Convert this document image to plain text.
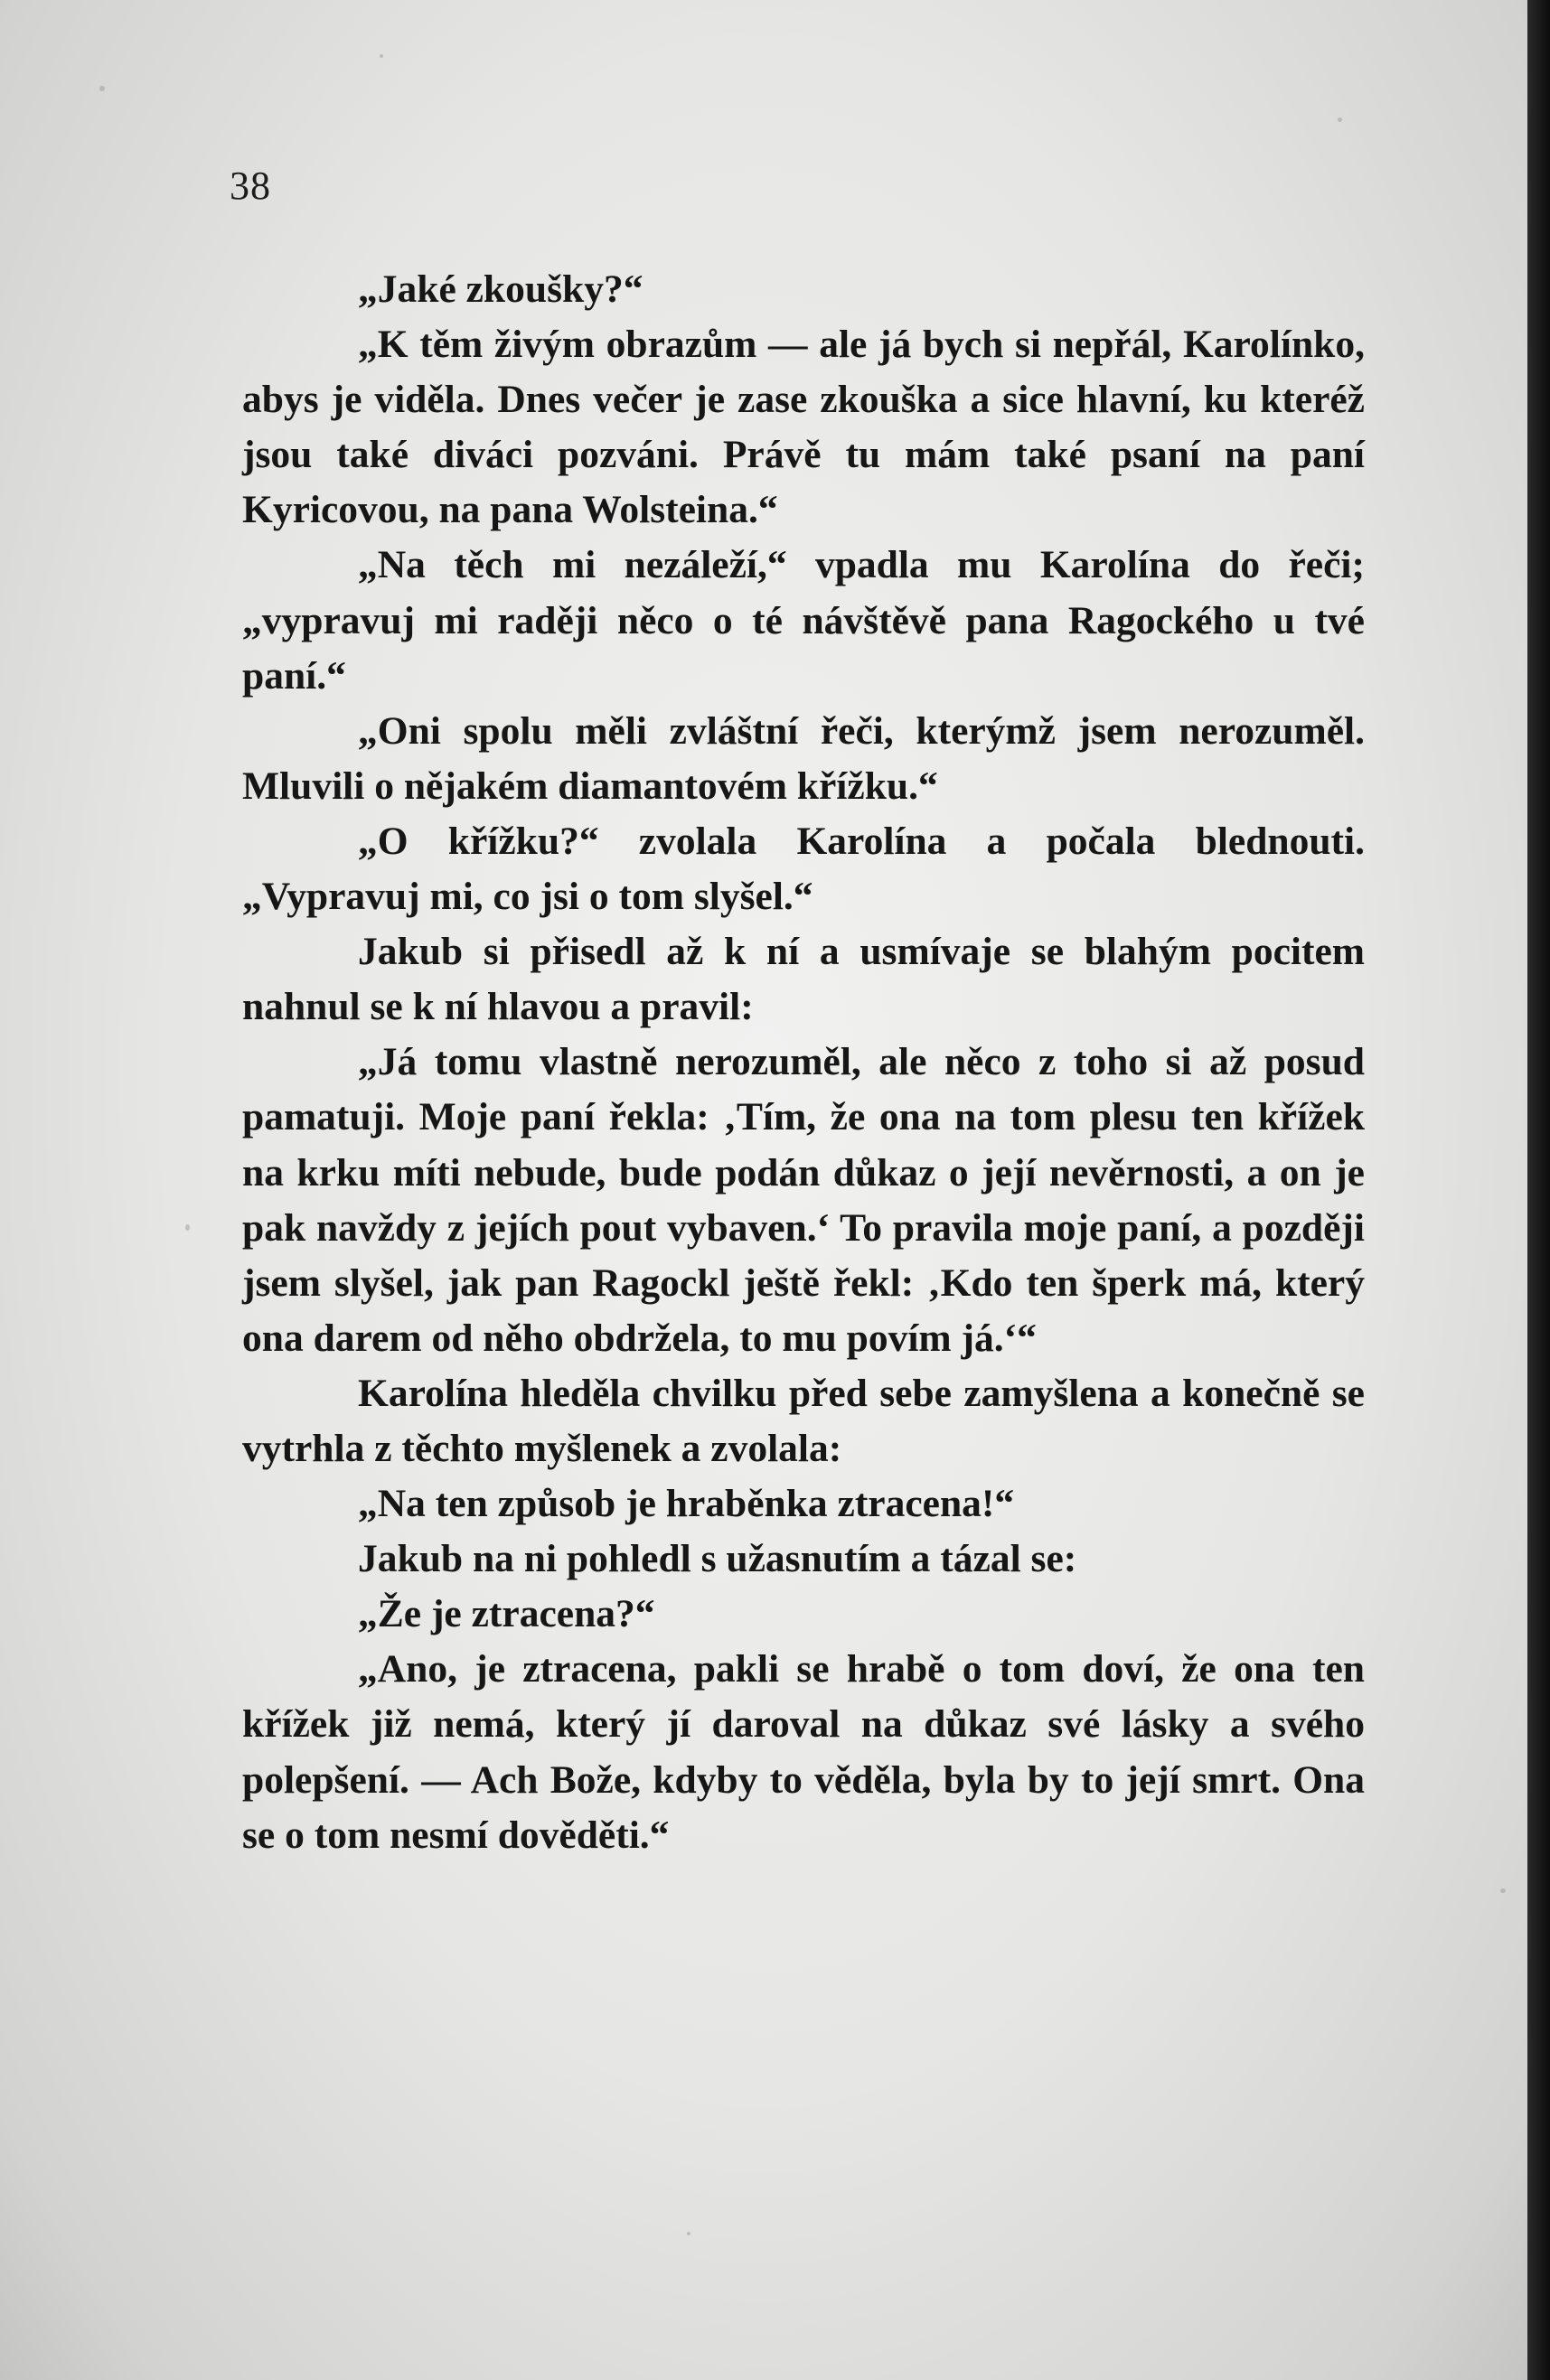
38

„Jaké zkoušky?“

„K těm živým obrazům — ale já bych si nepřál, Karolínko, abys je viděla. Dnes večer je zase zkouška a sice hlavní, ku kteréž jsou také diváci pozváni. Právě tu mám také psaní na paní Kyricovou, na pana Wolsteina.“

„Na těch mi nezáleží,“ vpadla mu Karolína do řeči; „vypravuj mi raději něco o té návštěvě pana Ragockého u tvé paní.“

„Oni spolu měli zvláštní řeči, kterýmž jsem nerozuměl. Mluvili o nějakém diamantovém křížku.“

„O křížku?“ zvolala Karolína a počala blednouti. „Vypravuj mi, co jsi o tom slyšel.“

Jakub si přisedl až k ní a usmívaje se blahým pocitem nahnul se k ní hlavou a pravil:

„Já tomu vlastně nerozuměl, ale něco z toho si až posud pamatuji. Moje paní řekla: ‚Tím, že ona na tom plesu ten křížek na krku míti nebude, bude podán důkaz o její nevěrnosti, a on je pak navždy z jejích pout vybaven.‘ To pravila moje paní, a později jsem slyšel, jak pan Ragockl ještě řekl: ‚Kdo ten šperk má, který ona darem od něho obdržela, to mu povím já.‘“

Karolína hleděla chvilku před sebe zamyšlena a konečně se vytrhla z těchto myšlenek a zvolala:

„Na ten způsob je hraběnka ztracena!“

Jakub na ni pohledl s užasnutím a tázal se:

„Že je ztracena?“

„Ano, je ztracena, pakli se hrabě o tom doví, že ona ten křížek již nemá, který jí daroval na důkaz své lásky a svého polepšení. — Ach Bože, kdyby to věděla, byla by to její smrt. Ona se o tom nesmí dověděti.“
